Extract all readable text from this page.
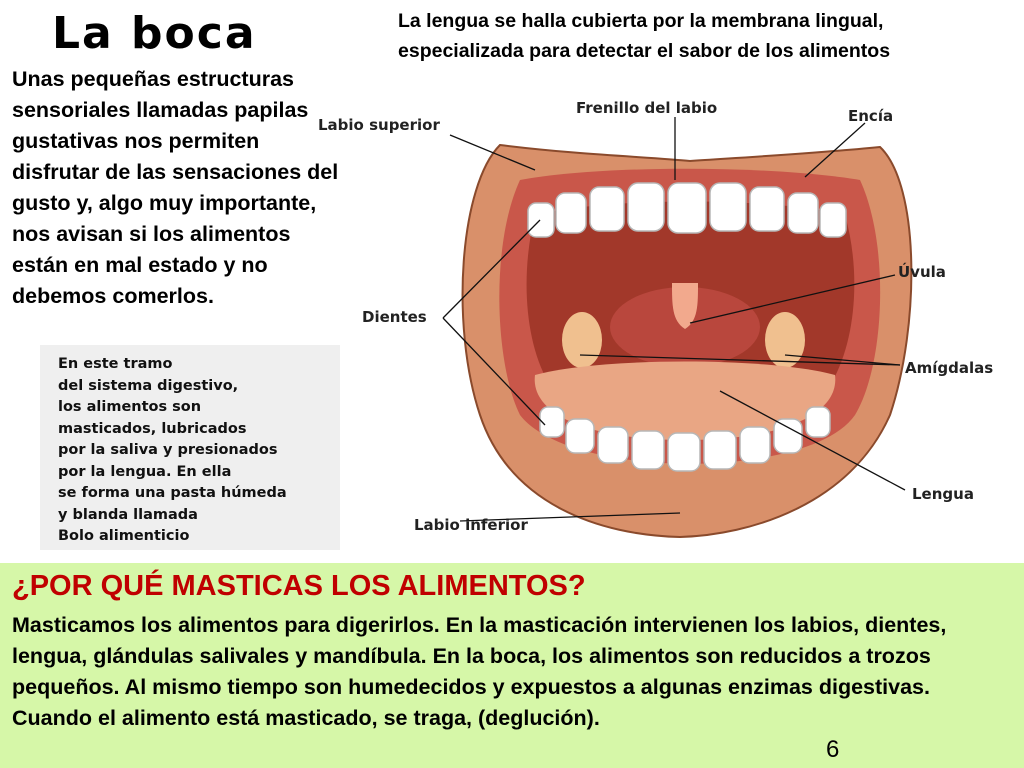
La boca	La lengua se halla cubierta por la membrana lingual,
especializada para detectar el sabor de los alimentos
Unas pequeñas estructuras sensoriales llamadas papilas gustativas nos permiten disfrutar de las sensaciones del gusto y, algo muy importante, nos avisan si los alimentos están en mal estado y no debemos comerlos.
En este tramo
del sistema digestivo,
los alimentos son
masticados, lubricados
por la saliva y presionados
por la lengua. En ella
se forma una pasta húmeda
y blanda llamada
Bolo alimenticio
Labio superior
Frenillo del labio	Encía
Úvula
Dientes
Amígdalas
Lengua
Labio inferior
¿POR QUÉ MASTICAS LOS ALIMENTOS?
Masticamos los alimentos para digerirlos. En la masticación intervienen los labios, dientes, lengua, glándulas salivales y mandíbula. En la boca, los alimentos son reducidos a trozos pequeños. Al mismo tiempo son humedecidos y expuestos a algunas enzimas digestivas. Cuando el alimento está masticado, se traga, (deglución).
6
